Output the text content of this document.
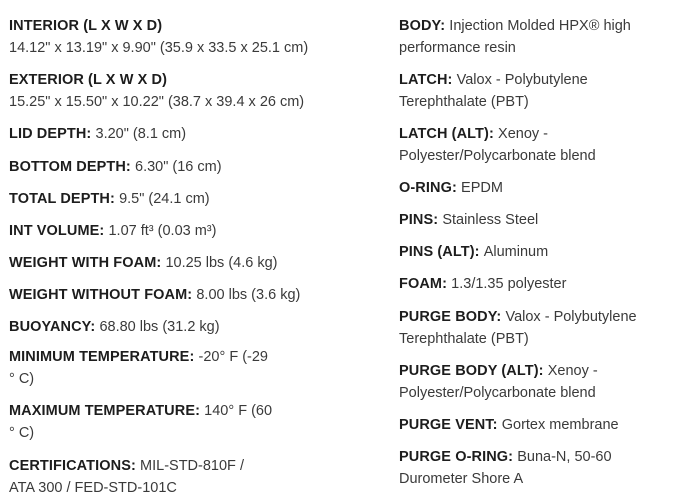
INTERIOR (L X W X D)
14.12" x 13.19" x 9.90" (35.9 x 33.5 x 25.1 cm)
EXTERIOR (L X W X D)
15.25" x 15.50" x 10.22" (38.7 x 39.4 x 26 cm)
LID DEPTH: 3.20" (8.1 cm)
BOTTOM DEPTH: 6.30" (16 cm)
TOTAL DEPTH: 9.5" (24.1 cm)
INT VOLUME: 1.07 ft³ (0.03 m³)
WEIGHT WITH FOAM: 10.25 lbs (4.6 kg)
WEIGHT WITHOUT FOAM: 8.00 lbs (3.6 kg)
BUOYANCY: 68.80 lbs (31.2 kg)
MINIMUM TEMPERATURE: -20° F (-29 ° C)
MAXIMUM TEMPERATURE: 140° F (60 ° C)
CERTIFICATIONS: MIL-STD-810F / ATA 300 / FED-STD-101C
BODY: Injection Molded HPX® high performance resin
LATCH: Valox - Polybutylene Terephthalate (PBT)
LATCH (ALT): Xenoy - Polyester/Polycarbonate blend
O-RING: EPDM
PINS: Stainless Steel
PINS (ALT): Aluminum
FOAM: 1.3/1.35 polyester
PURGE BODY: Valox - Polybutylene Terephthalate (PBT)
PURGE BODY (ALT): Xenoy - Polyester/Polycarbonate blend
PURGE VENT: Gortex membrane
PURGE O-RING: Buna-N, 50-60 Durometer Shore A
